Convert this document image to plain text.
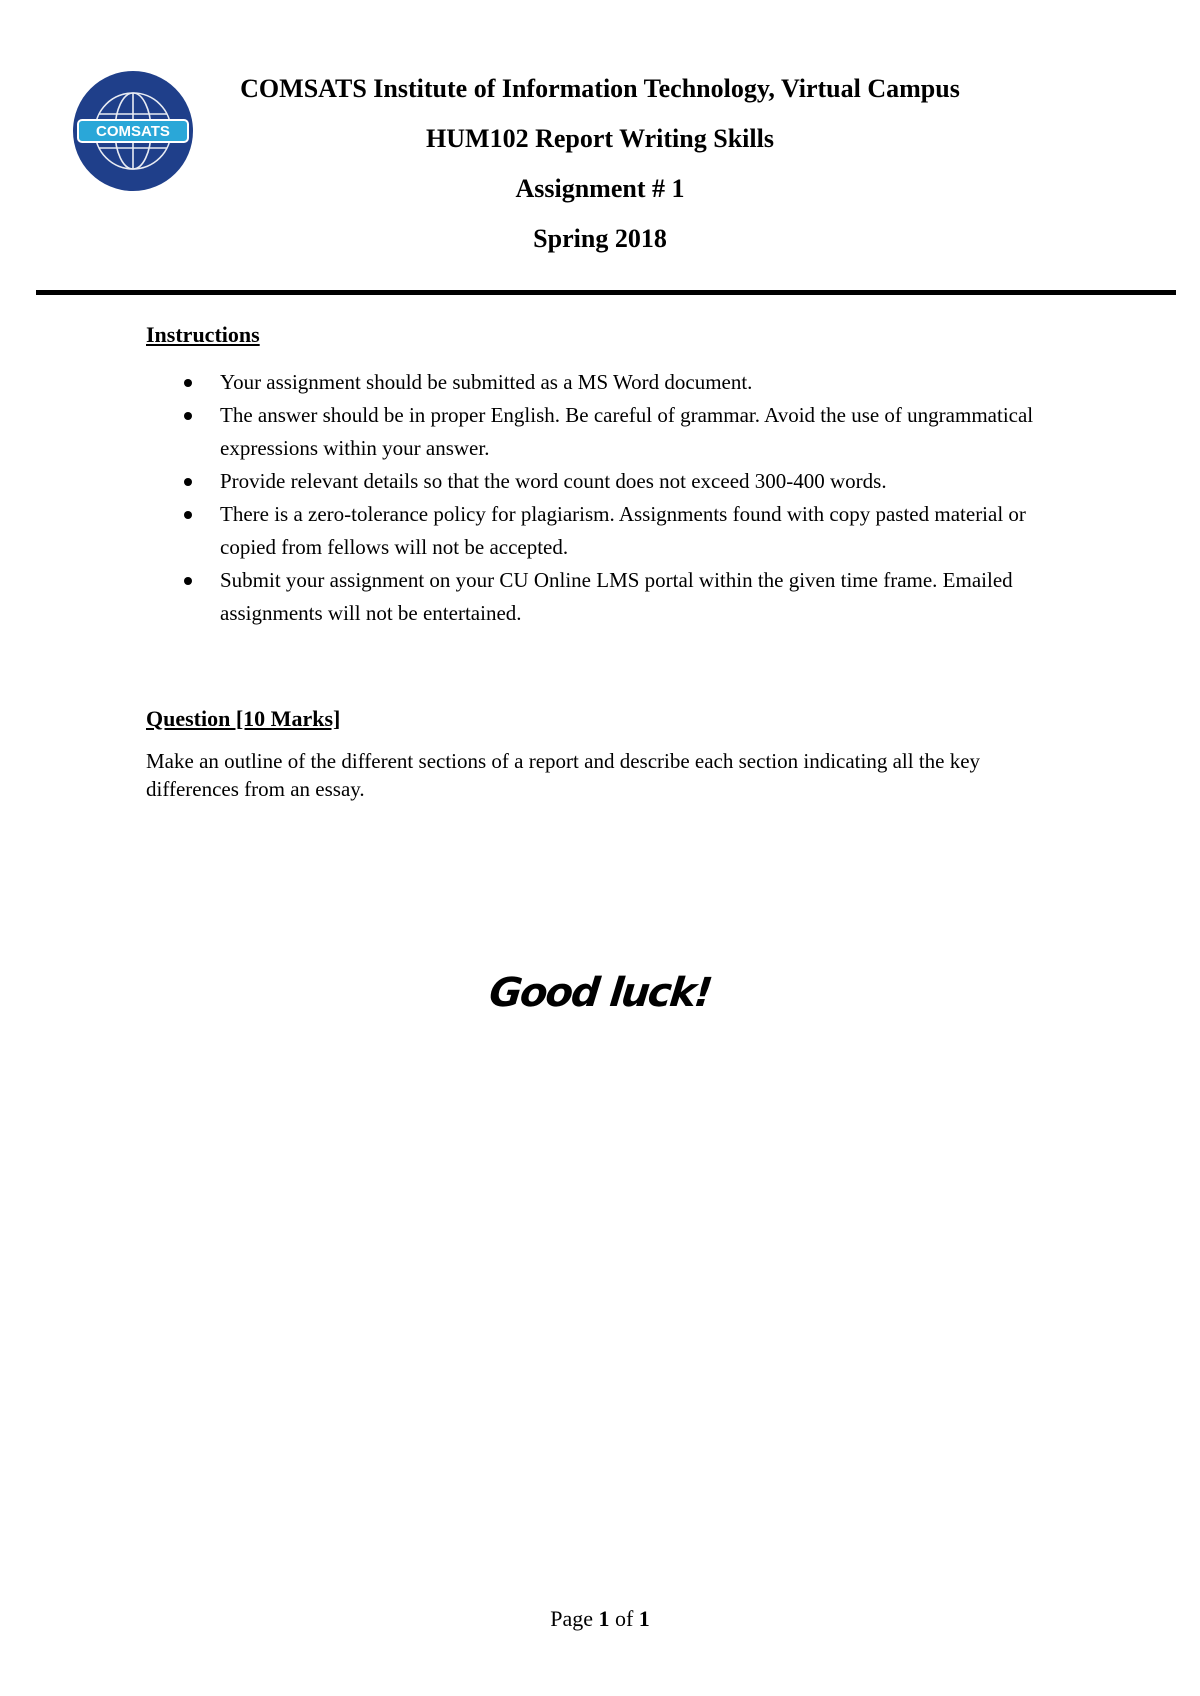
COMSATS
COMSATS Institute of Information Technology, Virtual Campus
HUM102 Report Writing Skills
Assignment # 1
Spring 2018
Instructions
Your assignment should be submitted as a MS Word document.
The answer should be in proper English. Be careful of grammar. Avoid the use of ungrammatical expressions within your answer.
Provide relevant details so that the word count does not exceed 300-400 words.
There is a zero-tolerance policy for plagiarism. Assignments found with copy pasted material or copied from fellows will not be accepted.
Submit your assignment on your CU Online LMS portal within the given time frame. Emailed assignments will not be entertained.
Question [10 Marks]
Make an outline of the different sections of a report and describe each section indicating all the key differences from an essay.
Good luck!
Page 1 of 1
